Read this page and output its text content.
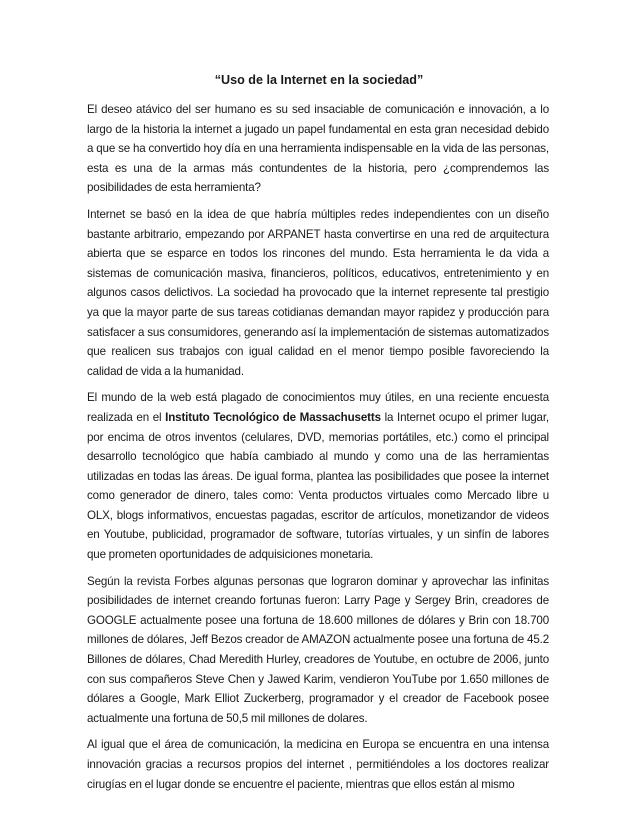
“Uso de la Internet en la sociedad”

El deseo atávico del ser humano es su sed insaciable de comunicación e innovación, a lo largo de la historia la internet a jugado un papel fundamental en esta gran necesidad debido a que se ha convertido hoy día en una herramienta indispensable en la vida de las personas, esta es una de la armas más contundentes de la historia, pero ¿comprendemos las posibilidades de esta herramienta?

Internet se basó en la idea de que habría múltiples redes independientes con un diseño bastante arbitrario, empezando por ARPANET hasta convertirse en una red de arquitectura abierta que se esparce en todos los rincones del mundo. Esta herramienta le da vida a sistemas de comunicación masiva, financieros, políticos, educativos, entretenimiento y en algunos casos delictivos. La sociedad ha provocado que la internet represente tal prestigio ya que la mayor parte de sus tareas cotidianas demandan mayor rapidez y producción para satisfacer a sus consumidores, generando así la implementación de sistemas automatizados que realicen sus trabajos con igual calidad en el menor tiempo posible favoreciendo la calidad de vida a la humanidad.

El mundo de la web está plagado de conocimientos muy útiles, en una reciente encuesta realizada en el Instituto Tecnológico de Massachusetts la Internet ocupo el primer lugar, por encima de otros inventos (celulares, DVD, memorias portátiles, etc.) como el principal desarrollo tecnológico que había cambiado al mundo y como una de las herramientas utilizadas en todas las áreas. De igual forma, plantea las posibilidades que posee la internet como generador de dinero, tales como: Venta productos virtuales como Mercado libre u OLX, blogs informativos, encuestas pagadas, escritor de artículos, monetizandor de videos en Youtube, publicidad, programador de software, tutorías virtuales, y un sinfín de labores que prometen oportunidades de adquisiciones monetaria.

Según la revista Forbes algunas personas que lograron dominar y aprovechar las infinitas posibilidades de internet creando fortunas fueron: Larry Page y Sergey Brin, creadores de GOOGLE actualmente posee una fortuna de 18.600 millones de dólares y Brin con 18.700 millones de dólares, Jeff Bezos creador de AMAZON actualmente posee una fortuna de 45.2 Billones de dólares, Chad Meredith Hurley, creadores de Youtube, en octubre de 2006, junto con sus compañeros Steve Chen y Jawed Karim, vendieron YouTube por 1.650 millones de dólares a Google, Mark Elliot Zuckerberg, programador y el creador de Facebook posee actualmente una fortuna de 50,5 mil millones de dolares.

Al igual que el área de comunicación, la medicina en Europa se encuentra en una intensa innovación gracias a recursos propios del internet , permitiéndoles a los doctores realizar cirugías en el lugar donde se encuentre el paciente, mientras que ellos están al mismo
